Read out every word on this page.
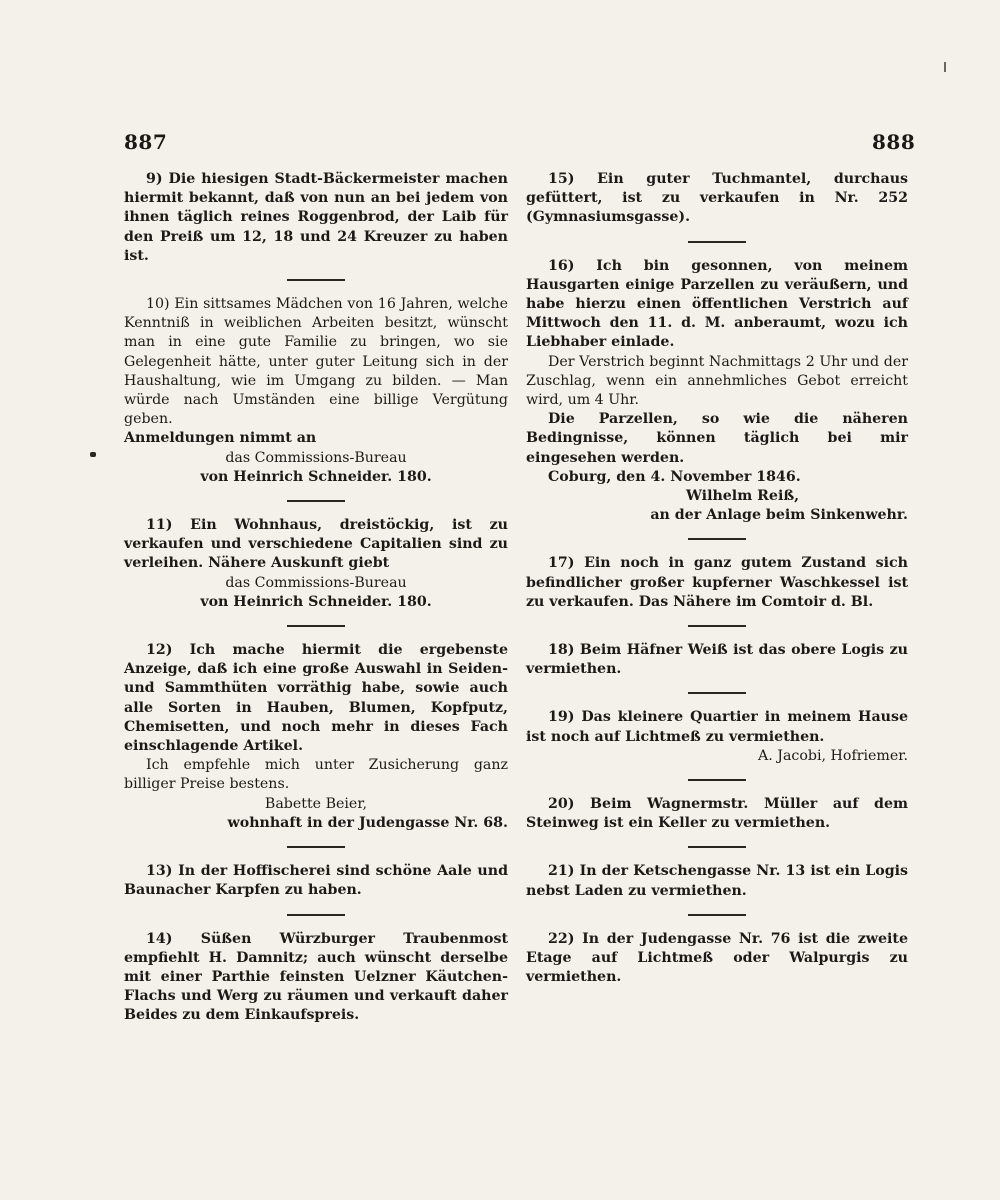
887	888

9) Die hiesigen Stadt-Bäckermeister machen hiermit bekannt, daß von nun an bei jedem von ihnen täglich reines Roggenbrod, der Laib für den Preiß um 12, 18 und 24 Kreuzer zu haben ist.

10) Ein sittsames Mädchen von 16 Jahren, welche Kenntniß in weiblichen Arbeiten besitzt, wünscht man in eine gute Familie zu bringen, wo sie Gelegenheit hätte, unter guter Leitung sich in der Haushaltung, wie im Umgang zu bilden. — Man würde nach Umständen eine billige Vergütung geben.

Anmeldungen nimmt an

das Commissions-Bureau

von Heinrich Schneider. 180.

11) Ein Wohnhaus, dreistöckig, ist zu verkaufen und verschiedene Capitalien sind zu verleihen. Nähere Auskunft giebt

das Commissions-Bureau

von Heinrich Schneider. 180.

12) Ich mache hiermit die ergebenste Anzeige, daß ich eine große Auswahl in Seiden- und Sammthüten vorräthig habe, sowie auch alle Sorten in Hauben, Blumen, Kopfputz, Chemisetten, und noch mehr in dieses Fach einschlagende Artikel.

Ich empfehle mich unter Zusicherung ganz billiger Preise bestens.

Babette Beier,

wohnhaft in der Judengasse Nr. 68.

13) In der Hoffischerei sind schöne Aale und Baunacher Karpfen zu haben.

14) Süßen Würzburger Traubenmost empfiehlt H. Damnitz; auch wünscht derselbe mit einer Parthie feinsten Uelzner Käutchen-Flachs und Werg zu räumen und verkauft daher Beides zu dem Einkaufspreis.

15) Ein guter Tuchmantel, durchaus gefüttert, ist zu verkaufen in Nr. 252 (Gymnasiumsgasse).

16) Ich bin gesonnen, von meinem Hausgarten einige Parzellen zu veräußern, und habe hierzu einen öffentlichen Verstrich auf Mittwoch den 11. d. M. anberaumt, wozu ich Liebhaber einlade.

Der Verstrich beginnt Nachmittags 2 Uhr und der Zuschlag, wenn ein annehmliches Gebot erreicht wird, um 4 Uhr.

Die Parzellen, so wie die näheren Bedingnisse, können täglich bei mir eingesehen werden.

Coburg, den 4. November 1846.

Wilhelm Reiß,

an der Anlage beim Sinkenwehr.

17) Ein noch in ganz gutem Zustand sich befindlicher großer kupferner Waschkessel ist zu verkaufen. Das Nähere im Comtoir d. Bl.

18) Beim Häfner Weiß ist das obere Logis zu vermiethen.

19) Das kleinere Quartier in meinem Hause ist noch auf Lichtmeß zu vermiethen.

A. Jacobi, Hofriemer.

20) Beim Wagnermstr. Müller auf dem Steinweg ist ein Keller zu vermiethen.

21) In der Ketschengasse Nr. 13 ist ein Logis nebst Laden zu vermiethen.

22) In der Judengasse Nr. 76 ist die zweite Etage auf Lichtmeß oder Walpurgis zu vermiethen.
